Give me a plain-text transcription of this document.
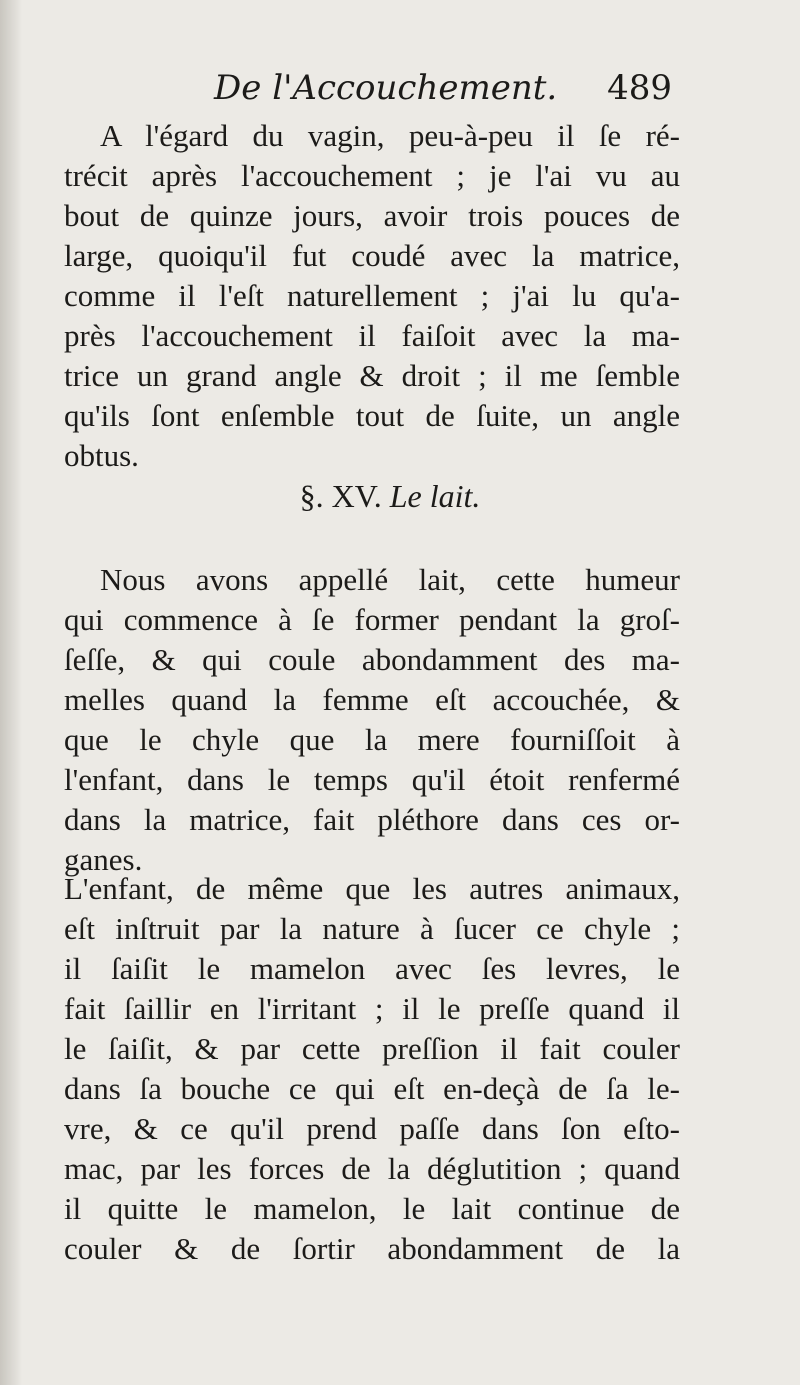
De l'Accouchement. 489
A l'égard du vagin, peu-à-peu il ſe ré-
trécit après l'accouchement ; je l'ai vu au
bout de quinze jours, avoir trois pouces de
large, quoiqu'il fut coudé avec la matrice,
comme il l'eſt naturellement ; j'ai lu qu'a-
près l'accouchement il faiſoit avec la ma-
trice un grand angle & droit ; il me ſemble
qu'ils ſont enſemble tout de ſuite, un angle
obtus.
§. XV. Le lait.
Nous avons appellé lait, cette humeur
qui commence à ſe former pendant la groſ-
ſeſſe, & qui coule abondamment des ma-
melles quand la femme eſt accouchée, &
que le chyle que la mere fourniſſoit à
l'enfant, dans le temps qu'il étoit renfermé
dans la matrice, fait pléthore dans ces or-
ganes.
L'enfant, de même que les autres animaux,
eſt inſtruit par la nature à ſucer ce chyle ;
il ſaiſit le mamelon avec ſes levres, le
fait ſaillir en l'irritant ; il le preſſe quand il
le ſaiſit, & par cette preſſion il fait couler
dans ſa bouche ce qui eſt en-deçà de ſa le-
vre, & ce qu'il prend paſſe dans ſon eſto-
mac, par les forces de la déglutition ; quand
il quitte le mamelon, le lait continue de
couler & de ſortir abondamment de la
